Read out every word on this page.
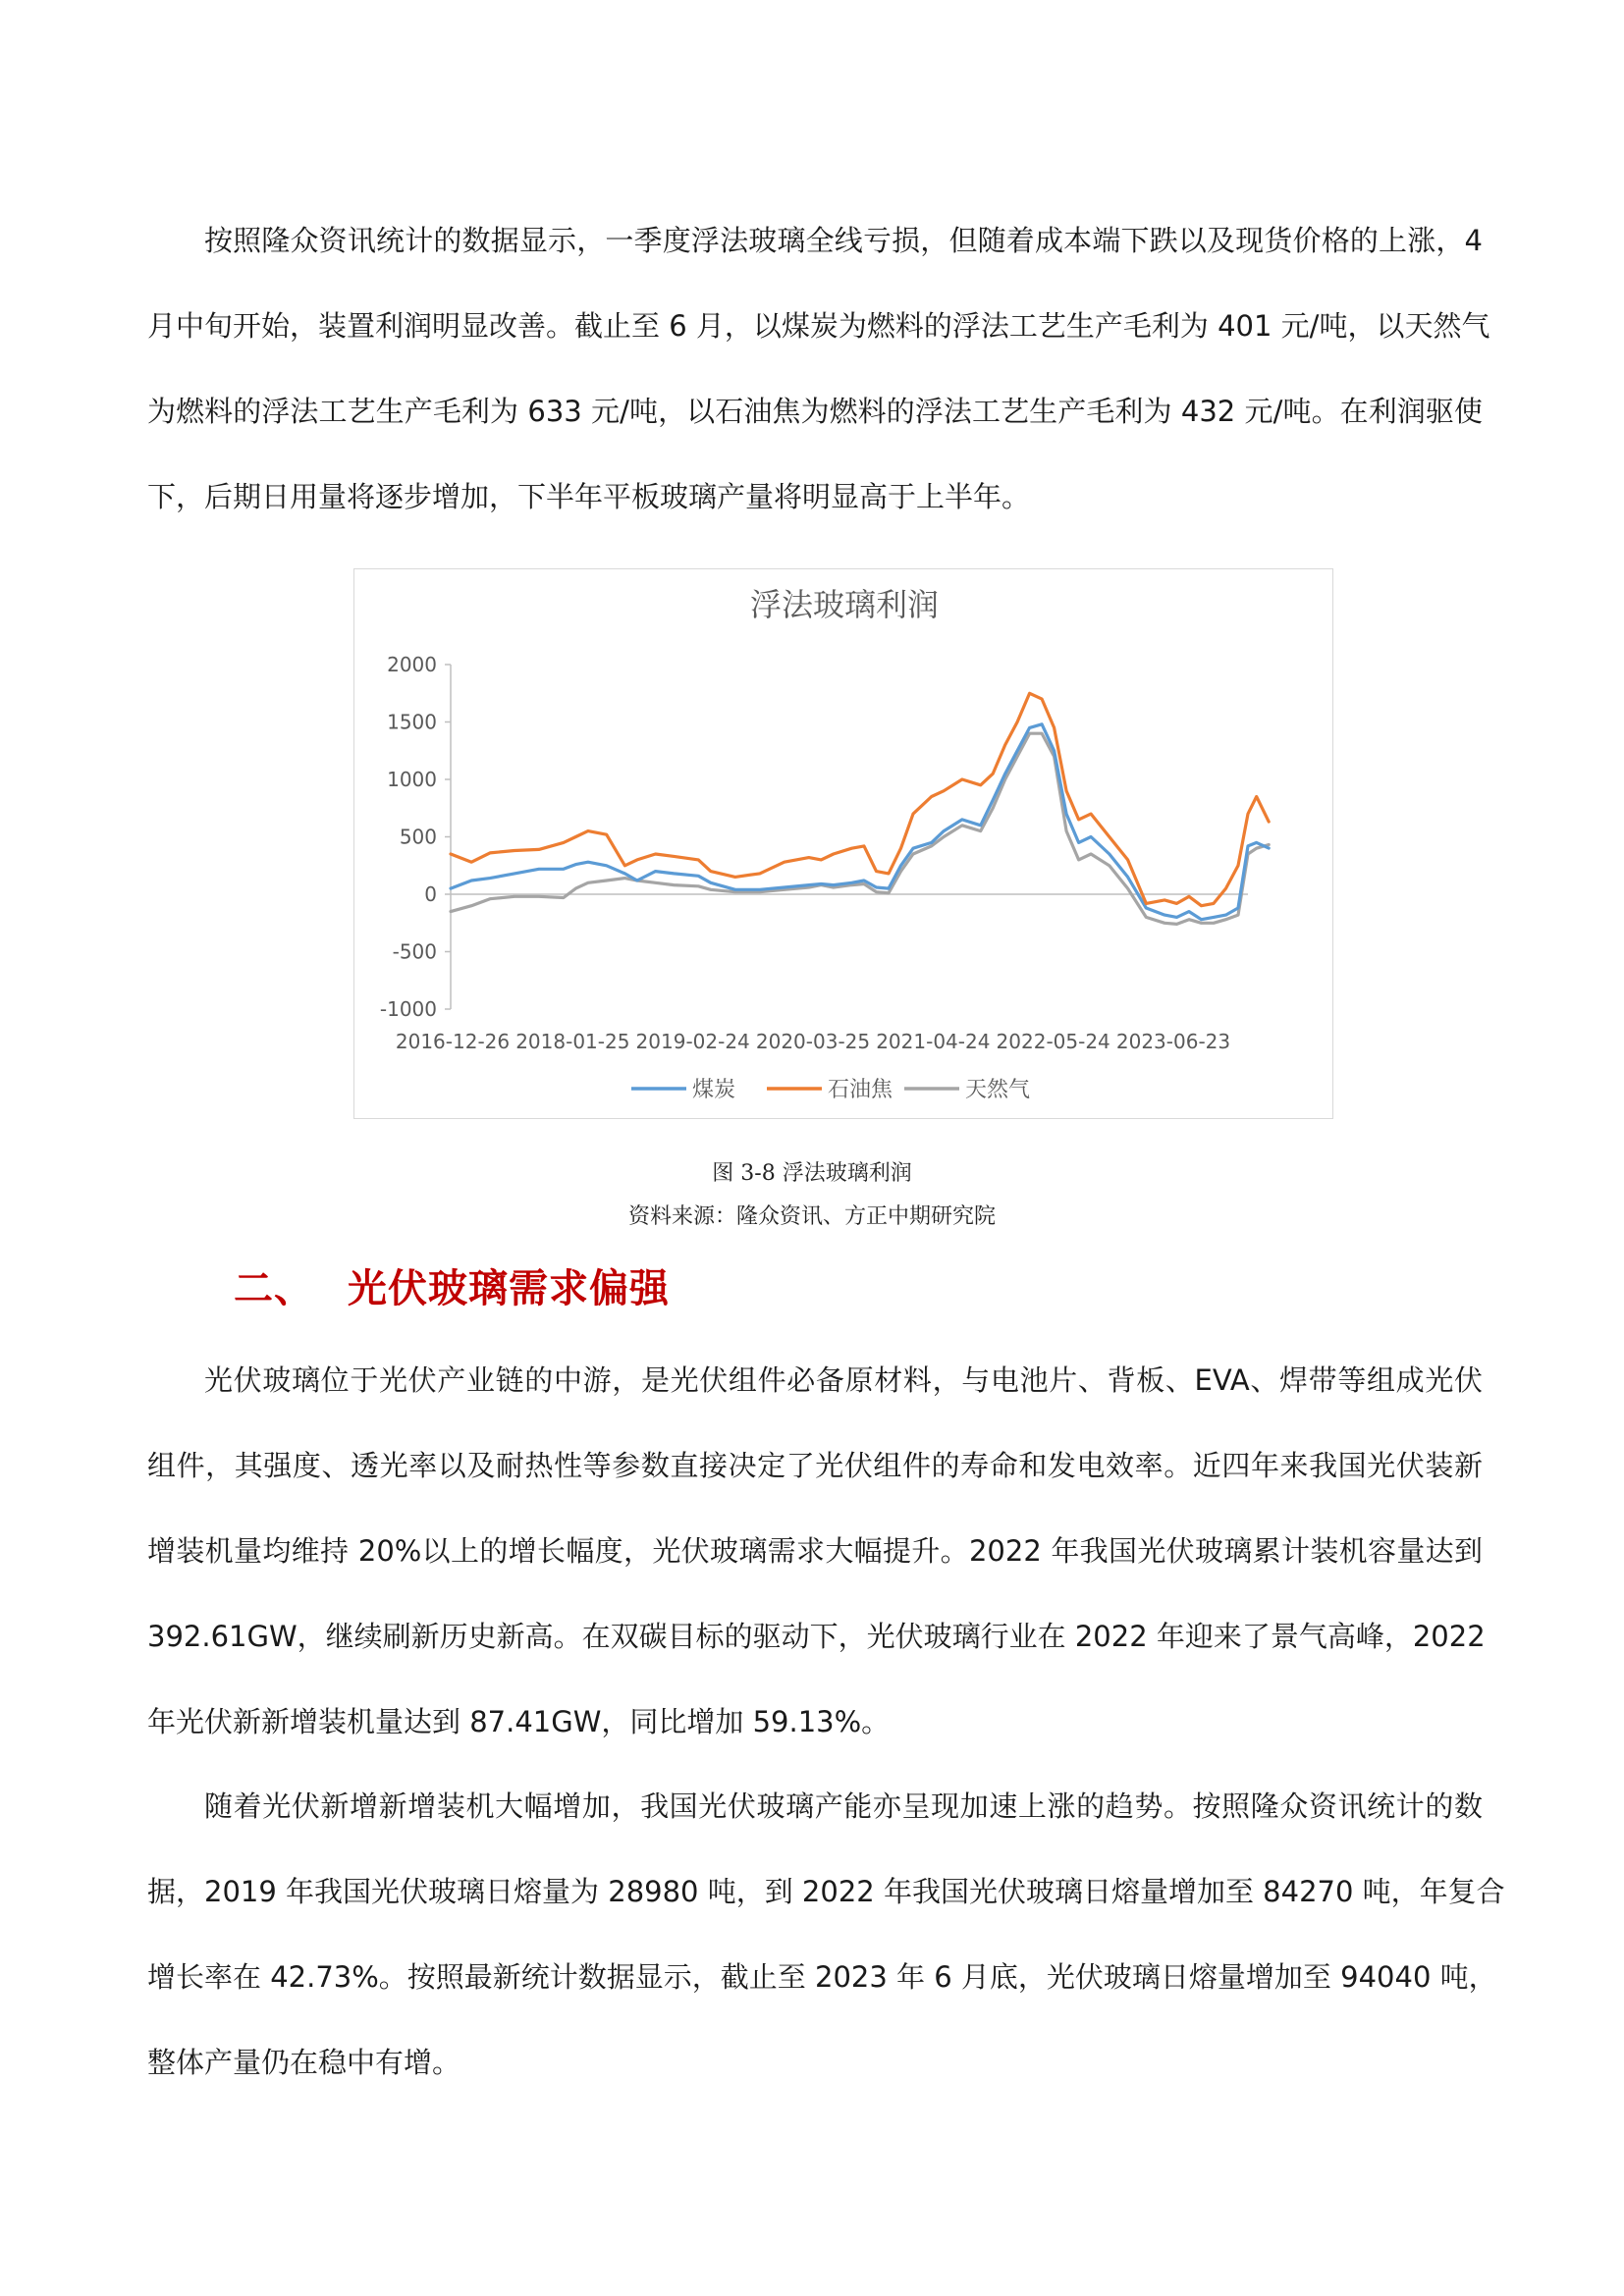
按照隆众资讯统计的数据显示，一季度浮法玻璃全线亏损，但随着成本端下跌以及现货价格的上涨，4
月中旬开始，装置利润明显改善。截止至 6 月，以煤炭为燃料的浮法工艺生产毛利为 401 元/吨，以天然气
为燃料的浮法工艺生产毛利为 633 元/吨，以石油焦为燃料的浮法工艺生产毛利为 432 元/吨。在利润驱使
下，后期日用量将逐步增加，下半年平板玻璃产量将明显高于上半年。
浮法玻璃利润
2000
1500
1000
500
0
-500
-1000
2016-12-26 2018-01-25 2019-02-24 2020-03-25 2021-04-24 2022-05-24 2023-06-23
煤炭	石油焦	天然气
图 3-8 浮法玻璃利润
资料来源：隆众资讯、方正中期研究院
二、 光伏玻璃需求偏强
光伏玻璃位于光伏产业链的中游，是光伏组件必备原材料，与电池片、背板、EVA、焊带等组成光伏
组件，其强度、透光率以及耐热性等参数直接决定了光伏组件的寿命和发电效率。近四年来我国光伏装新
增装机量均维持 20%以上的增长幅度，光伏玻璃需求大幅提升。2022 年我国光伏玻璃累计装机容量达到
392.61GW，继续刷新历史新高。在双碳目标的驱动下，光伏玻璃行业在 2022 年迎来了景气高峰，2022
年光伏新新增装机量达到 87.41GW，同比增加 59.13%。
随着光伏新增新增装机大幅增加，我国光伏玻璃产能亦呈现加速上涨的趋势。按照隆众资讯统计的数
据，2019 年我国光伏玻璃日熔量为 28980 吨，到 2022 年我国光伏玻璃日熔量增加至 84270 吨，年复合
增长率在 42.73%。按照最新统计数据显示，截止至 2023 年 6 月底，光伏玻璃日熔量增加至 94040 吨，
整体产量仍在稳中有增。
